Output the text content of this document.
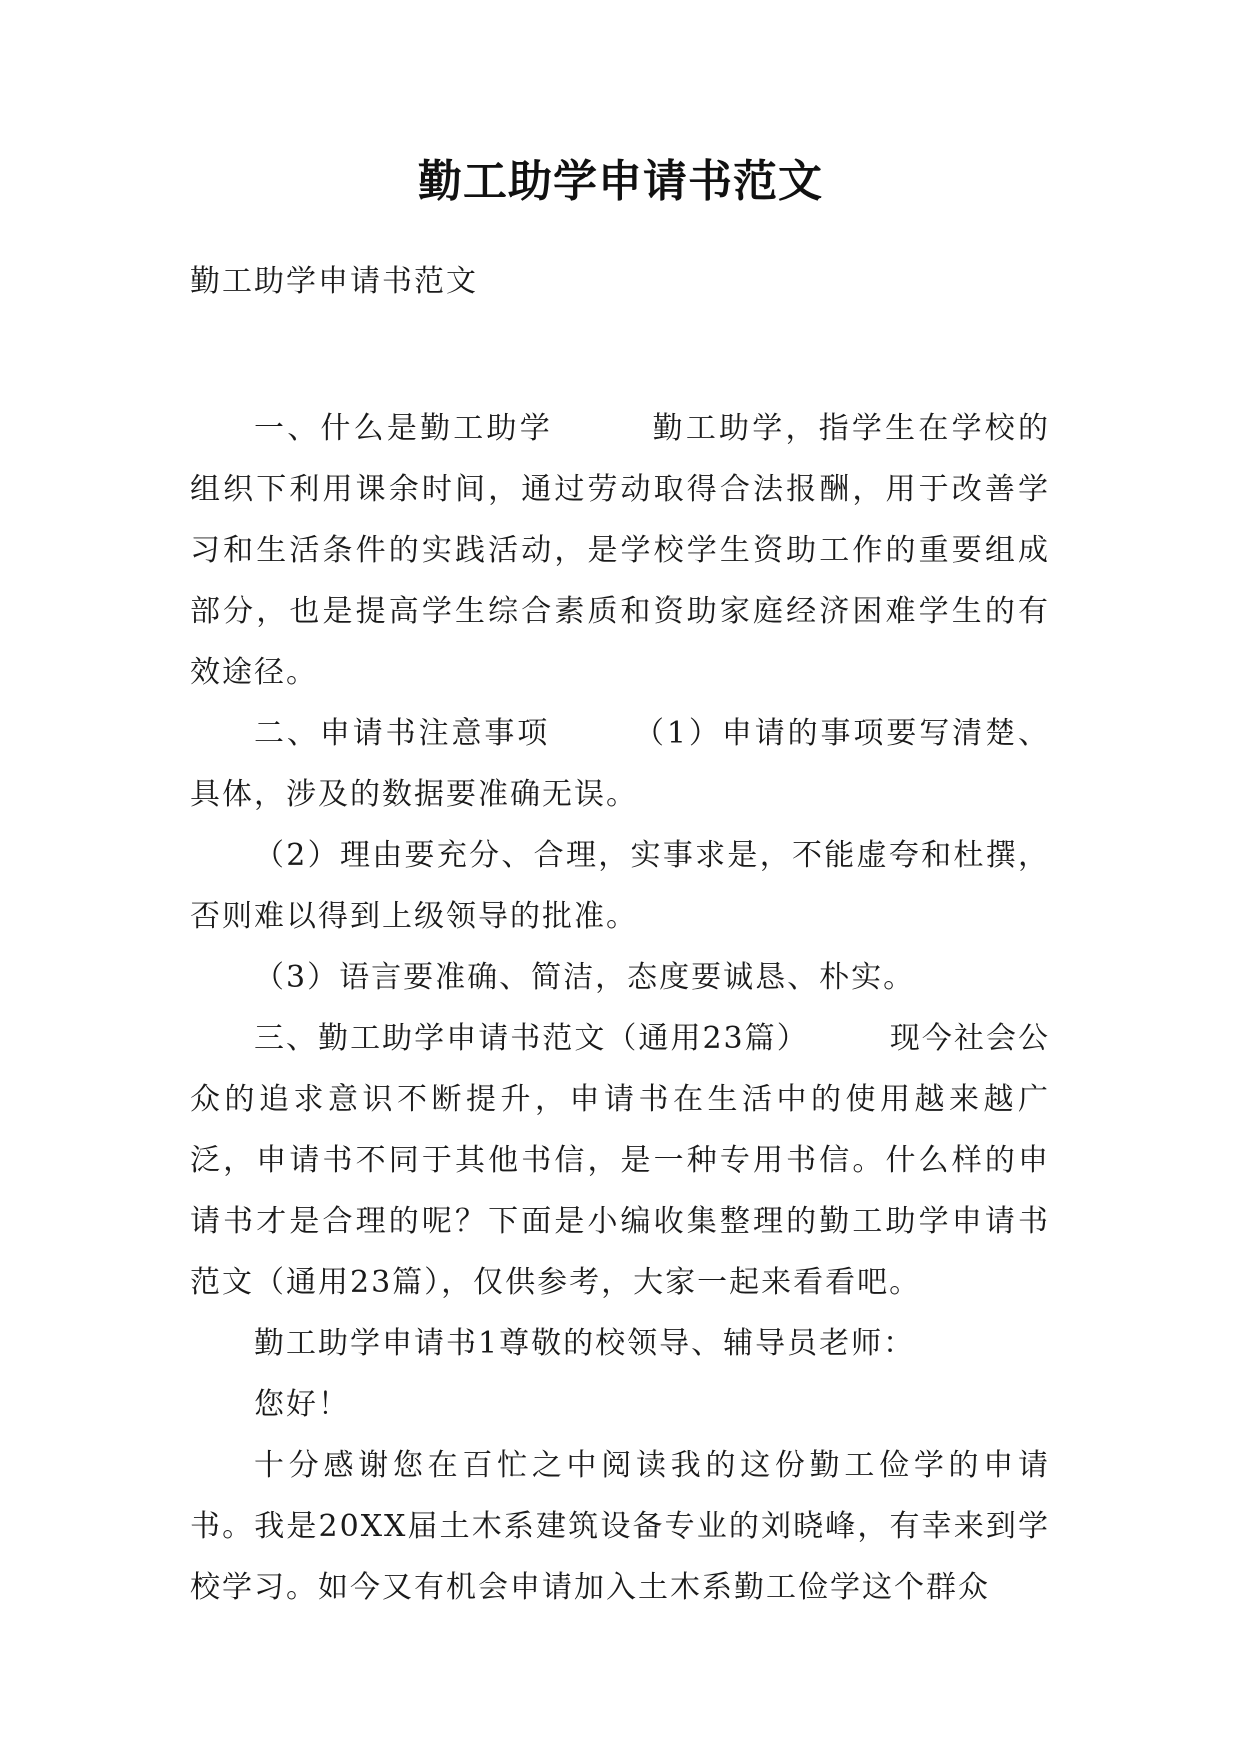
勤工助学申请书范文
勤工助学申请书范文

一、什么是勤工助学　　　勤工助学，指学生在学校的组织下利用课余时间，通过劳动取得合法报酬，用于改善学习和生活条件的实践活动，是学校学生资助工作的重要组成部分，也是提高学生综合素质和资助家庭经济困难学生的有效途径。

二、申请书注意事项　　　（1）申请的事项要写清楚、具体，涉及的数据要准确无误。

（2）理由要充分、合理，实事求是，不能虚夸和杜撰，否则难以得到上级领导的批准。

（3）语言要准确、简洁，态度要诚恳、朴实。

三、勤工助学申请书范文（通用23篇）　　　现今社会公众的追求意识不断提升，申请书在生活中的使用越来越广泛，申请书不同于其他书信，是一种专用书信。什么样的申请书才是合理的呢？下面是小编收集整理的勤工助学申请书范文（通用23篇），仅供参考，大家一起来看看吧。

勤工助学申请书1尊敬的校领导、辅导员老师：

您好！

十分感谢您在百忙之中阅读我的这份勤工俭学的申请书。我是20XX届土木系建筑设备专业的刘晓峰，有幸来到学校学习。如今又有机会申请加入土木系勤工俭学这个群众
